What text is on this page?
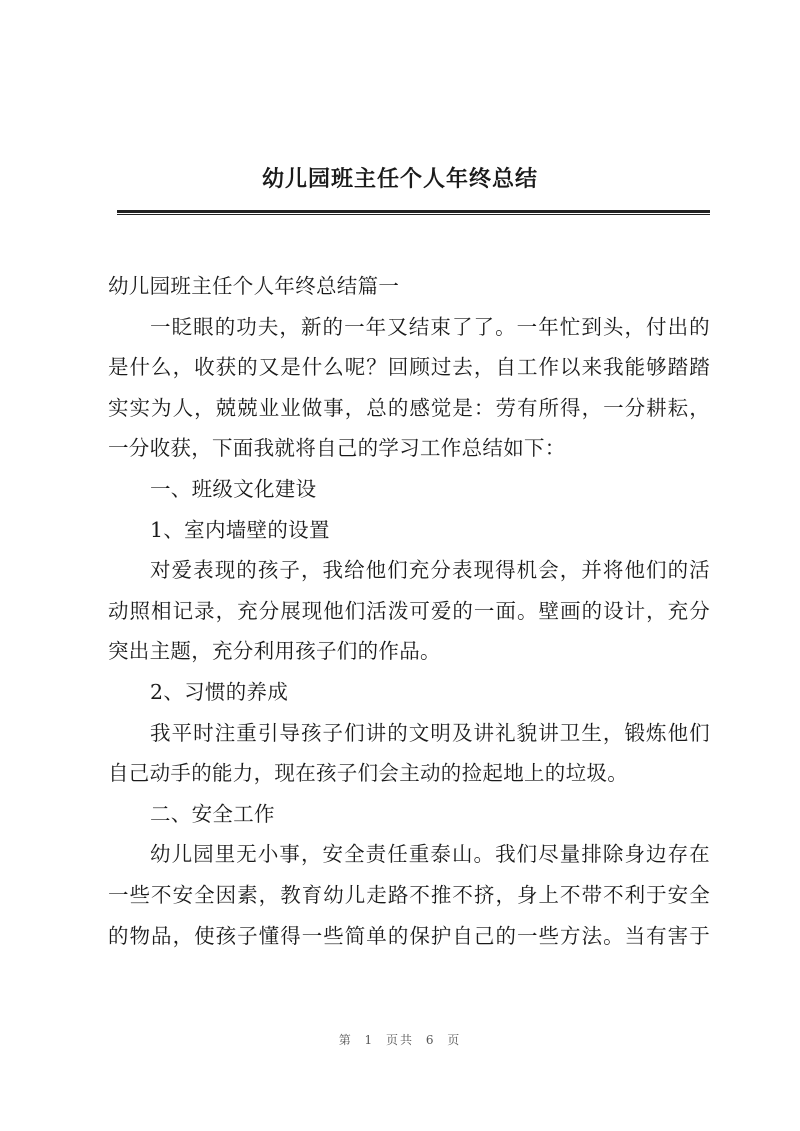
幼儿园班主任个人年终总结
幼儿园班主任个人年终总结篇一
一眨眼的功夫，新的一年又结束了了。一年忙到头，付出的
是什么，收获的又是什么呢？回顾过去，自工作以来我能够踏踏
实实为人，兢兢业业做事，总的感觉是：劳有所得，一分耕耘，
一分收获，下面我就将自己的学习工作总结如下：
一、班级文化建设
1、室内墙壁的设置
对爱表现的孩子，我给他们充分表现得机会，并将他们的活
动照相记录，充分展现他们活泼可爱的一面。壁画的设计，充分
突出主题，充分利用孩子们的作品。
2、习惯的养成
我平时注重引导孩子们讲的文明及讲礼貌讲卫生，锻炼他们
自己动手的能力，现在孩子们会主动的捡起地上的垃圾。
二、安全工作
幼儿园里无小事，安全责任重泰山。我们尽量排除身边存在
一些不安全因素，教育幼儿走路不推不挤，身上不带不利于安全
的物品，使孩子懂得一些简单的保护自己的一些方法。当有害于
第 1 页共 6 页
